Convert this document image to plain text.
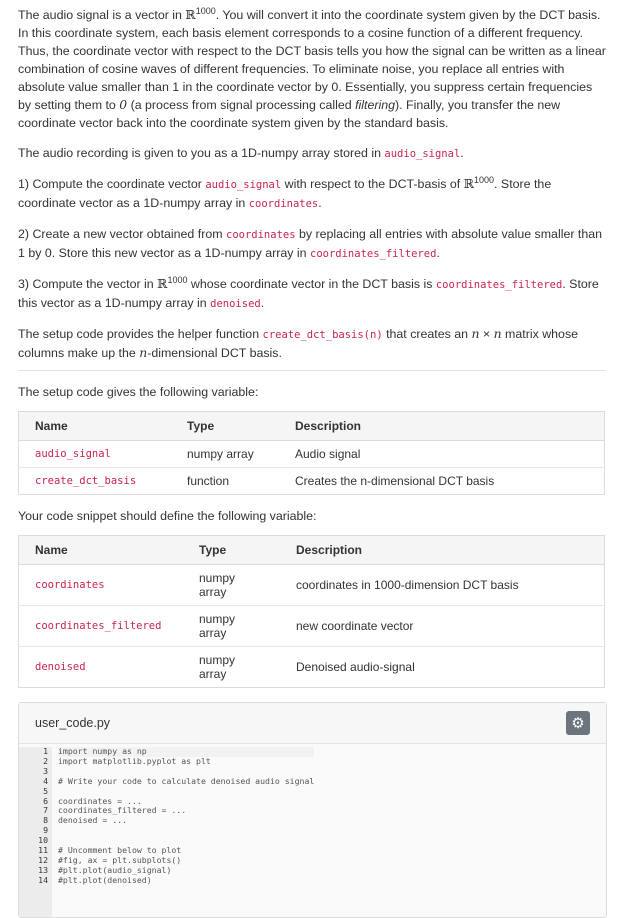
The audio signal is a vector in ℝ$^{1000}$. You will convert it into the coordinate system given by the DCT basis. In this coordinate system, each basis element corresponds to a cosine function of a different frequency. Thus, the coordinate vector with respect to the DCT basis tells you how the signal can be written as a linear combination of cosine waves of different frequencies. To eliminate noise, you replace all entries with absolute value smaller than 1 in the coordinate vector by 0. Essentially, you suppress certain frequencies by setting them to 0 (a process from signal processing called filtering). Finally, you transfer the new coordinate vector back into the coordinate system given by the standard basis.

The audio recording is given to you as a 1D-numpy array stored in audio_signal.

1) Compute the coordinate vector audio_signal with respect to the DCT-basis of ℝ$^{1000}$. Store the coordinate vector as a 1D-numpy array in coordinates.

2) Create a new vector obtained from coordinates by replacing all entries with absolute value smaller than 1 by 0. Store this new vector as a 1D-numpy array in coordinates_filtered.

3) Compute the vector in ℝ$^{1000}$ whose coordinate vector in the DCT basis is coordinates_filtered. Store this vector as a 1D-numpy array in denoised.

The setup code provides the helper function create_dct_basis(n) that creates an n × n matrix whose columns make up the n-dimensional DCT basis.

The setup code gives the following variable:

Name	Type	Description
audio_signal	numpy array	Audio signal
create_dct_basis	function	Creates the n-dimensional DCT basis

Your code snippet should define the following variable:

Name	Type	Description
coordinates	numpy array	coordinates in 1000-dimension DCT basis
coordinates_filtered	numpy array	new coordinate vector
denoised	numpy array	Denoised audio-signal
user_code.py	⚙
1
2
3
4
5
6
7
8
9
10
11
12
13
14
import numpy as np
import matplotlib.pyplot as plt

# Write your code to calculate denoised audio signal

coordinates = ...
coordinates_filtered = ...
denoised = ...

# Uncomment below to plot
#fig, ax = plt.subplots()
#plt.plot(audio_signal)
#plt.plot(denoised)
